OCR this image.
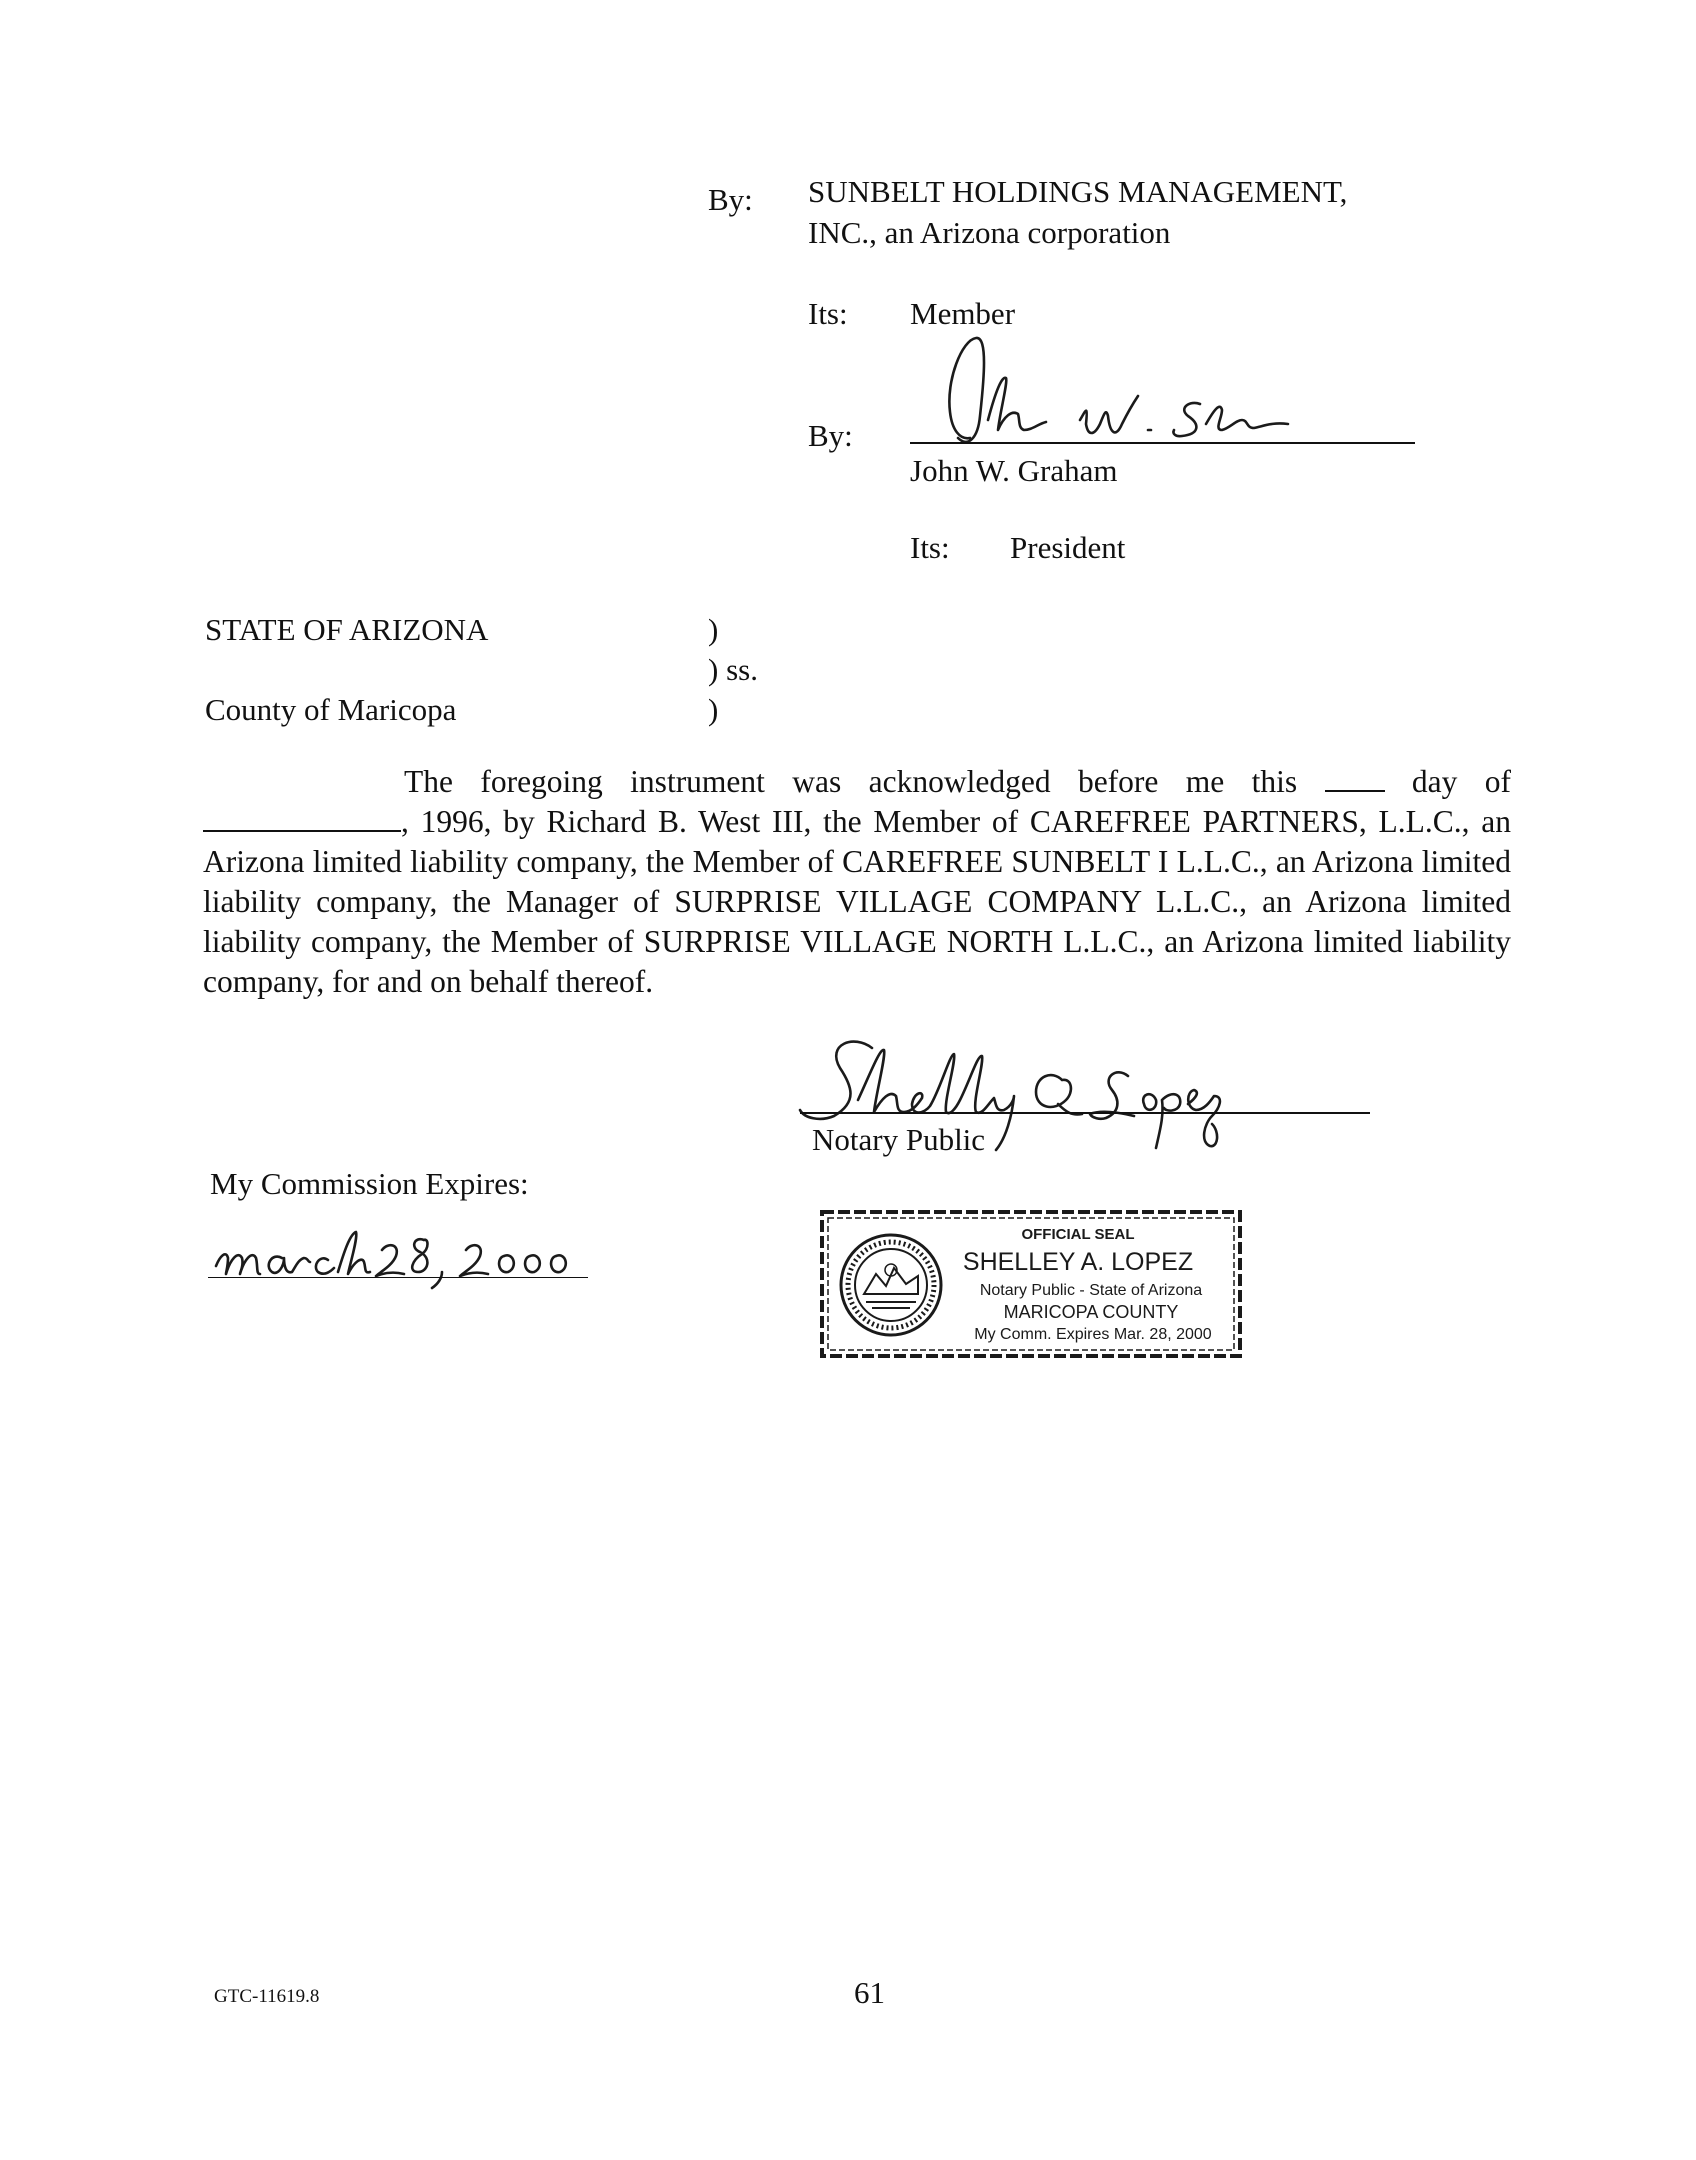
By: SUNBELT HOLDINGS MANAGEMENT,
INC., an Arizona corporation
Its: Member
By:
John W. Graham
Its: President
STATE OF ARIZONA	)
) ss.
County of Maricopa	)
The foregoing instrument was acknowledged before me this	day of , 1996, by Richard B. West III, the Member of CAREFREE PARTNERS, L.L.C., an Arizona limited liability company, the Member of CAREFREE SUNBELT I L.L.C., an Arizona limited liability company, the Manager of SURPRISE VILLAGE COMPANY L.L.C., an Arizona limited liability company, the Member of SURPRISE VILLAGE NORTH L.L.C., an Arizona limited liability company, for and on behalf thereof.
Notary Public
My Commission Expires:
OFFICIAL SEAL
SHELLEY A. LOPEZ
Notary Public - State of Arizona
MARICOPA COUNTY
My Comm. Expires Mar. 28, 2000
GTC-11619.8	61
